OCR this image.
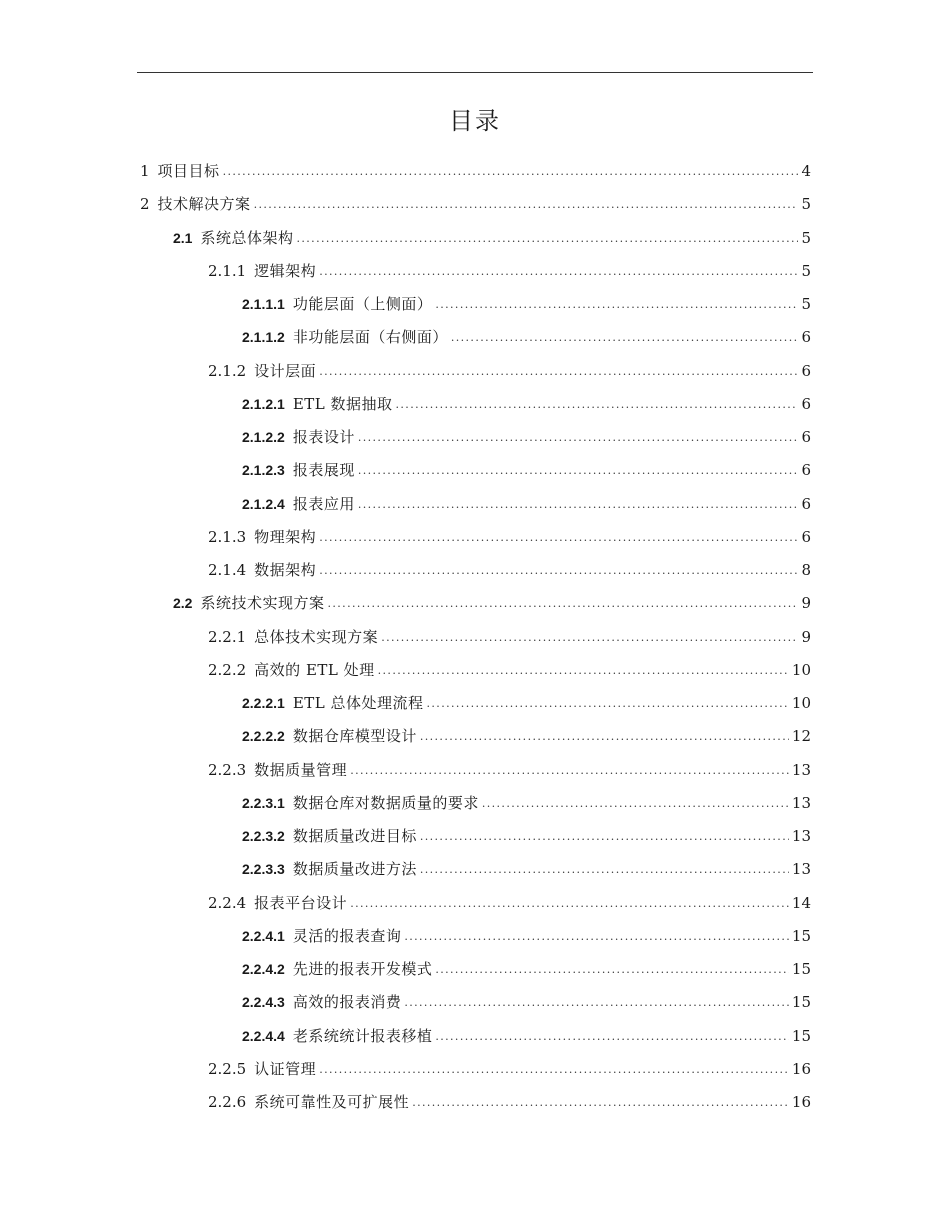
目录
1 项目目标 .....	4
2 技术解决方案 .....	5
2.1 系统总体架构 .....	5
2.1.1 逻辑架构 .....	5
2.1.1.1 功能层面（上侧面） .....	5
2.1.1.2 非功能层面（右侧面） .....	6
2.1.2 设计层面 .....	6
2.1.2.1 ETL 数据抽取 .....	6
2.1.2.2 报表设计 .....	6
2.1.2.3 报表展现 .....	6
2.1.2.4 报表应用 .....	6
2.1.3 物理架构 .....	6
2.1.4 数据架构 .....	8
2.2 系统技术实现方案 .....	9
2.2.1 总体技术实现方案 .....	9
2.2.2 高效的 ETL 处理 .....	10
2.2.2.1 ETL 总体处理流程 .....	10
2.2.2.2 数据仓库模型设计 .....	12
2.2.3 数据质量管理 .....	13
2.2.3.1 数据仓库对数据质量的要求 .....	13
2.2.3.2 数据质量改进目标 .....	13
2.2.3.3 数据质量改进方法 .....	13
2.2.4 报表平台设计 .....	14
2.2.4.1 灵活的报表查询 .....	15
2.2.4.2 先进的报表开发模式 .....	15
2.2.4.3 高效的报表消费 .....	15
2.2.4.4 老系统统计报表移植 .....	15
2.2.5 认证管理 .....	16
2.2.6 系统可靠性及可扩展性 .....	16
